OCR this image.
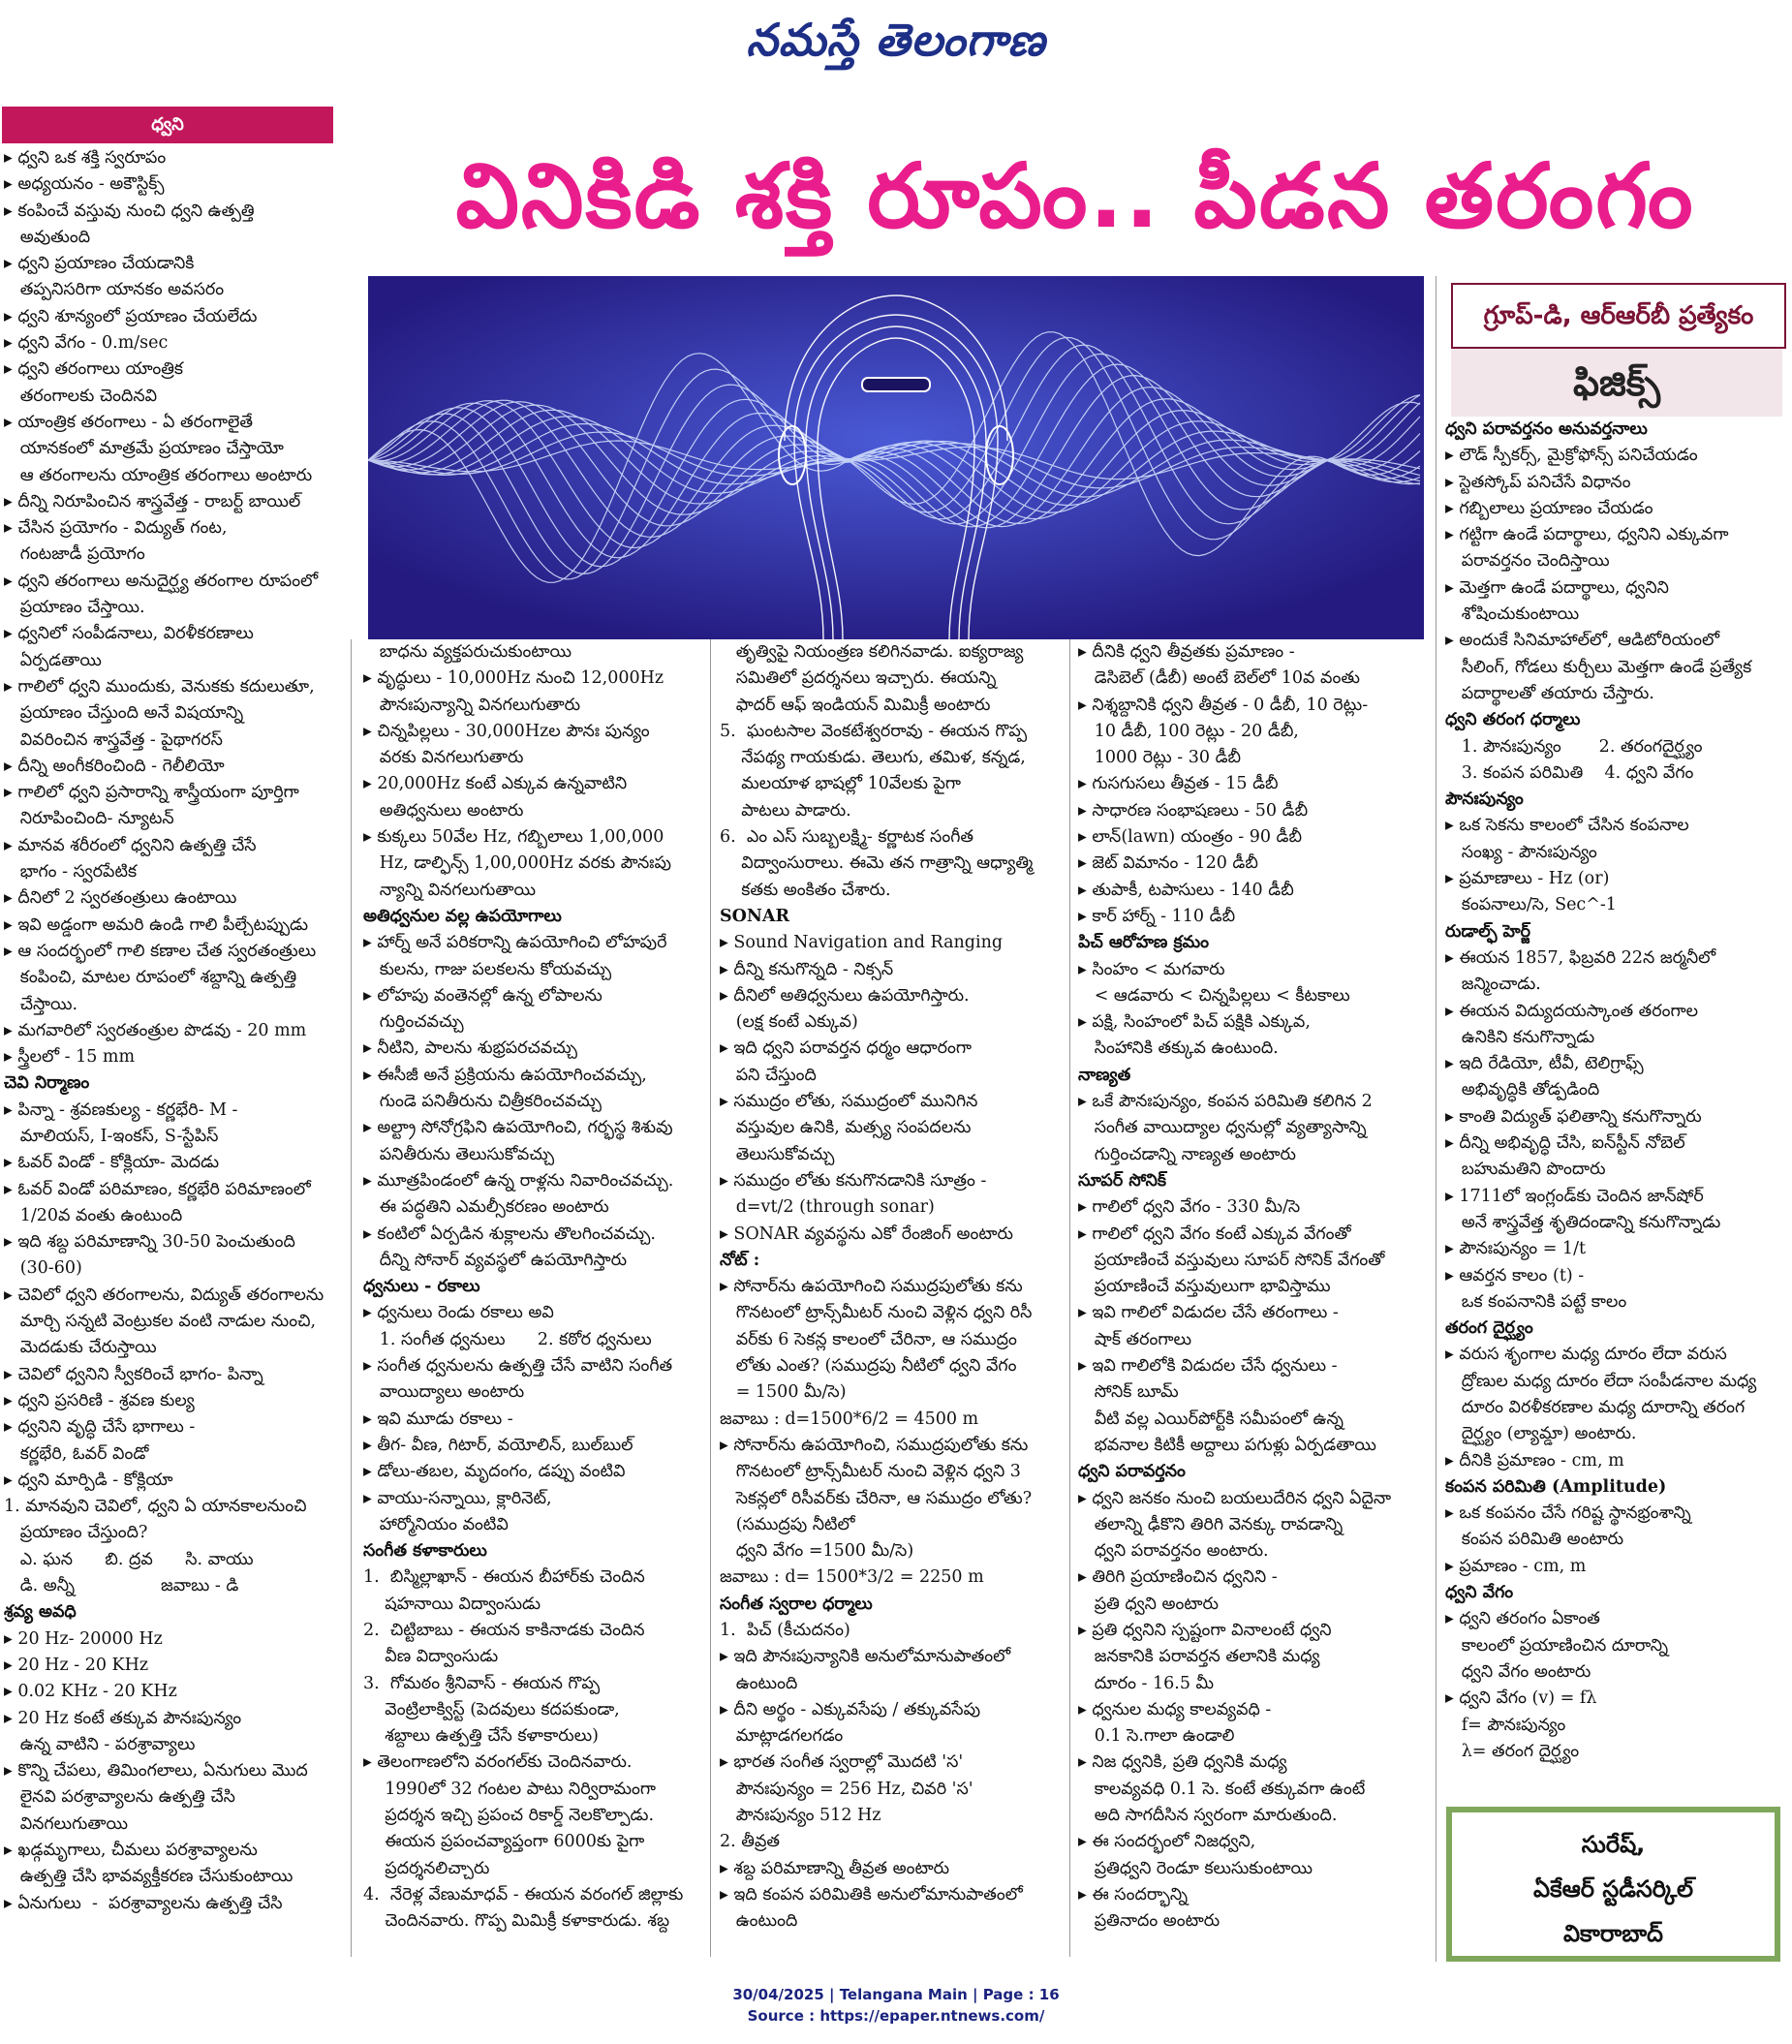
నమస్తే తెలంగాణ
ధ్వని
వినికిడి శక్తి రూపం.. పీడన తరంగం
గ్రూప్-డి, ఆర్ఆర్‌బీ ప్రత్యేకం
ఫిజిక్స్
▸ ధ్వని ఒక శక్తి స్వరూపం
▸ అధ్యయనం - అకౌస్టిక్స్
▸ కంపించే వస్తువు నుంచి ధ్వని ఉత్పత్తి
అవుతుంది
▸ ధ్వని ప్రయాణం చేయడానికి
తప్పనిసరిగా యానకం అవసరం
▸ ధ్వని శూన్యంలో ప్రయాణం చేయలేదు
▸ ధ్వని వేగం - 0.m/sec
▸ ధ్వని తరంగాలు యాంత్రిక
తరంగాలకు చెందినవి
▸ యాంత్రిక తరంగాలు - ఏ తరంగాలైతే
యానకంలో మాత్రమే ప్రయాణం చేస్తాయో
ఆ తరంగాలను యాంత్రిక తరంగాలు అంటారు
▸ దీన్ని నిరూపించిన శాస్త్రవేత్త - రాబర్ట్ బాయిల్
▸ చేసిన ప్రయోగం - విద్యుత్ గంట,
గంటజాడీ ప్రయోగం
▸ ధ్వని తరంగాలు అనుదైర్ఘ్య తరంగాల రూపంలో
ప్రయాణం చేస్తాయి.
▸ ధ్వనిలో సంపీడనాలు, విరళీకరణాలు
ఏర్పడతాయి
▸ గాలిలో ధ్వని ముందుకు, వెనుకకు కదులుతూ,
ప్రయాణం చేస్తుంది అనే విషయాన్ని
వివరించిన శాస్త్రవేత్త - పైథాగరస్
▸ దీన్ని అంగీకరించింది - గెలీలియో
▸ గాలిలో ధ్వని ప్రసారాన్ని శాస్త్రీయంగా పూర్తిగా
నిరూపించింది- న్యూటన్
▸ మానవ శరీరంలో ధ్వనిని ఉత్పత్తి చేసే
భాగం - స్వరపేటిక
▸ దీనిలో 2 స్వరతంత్రులు ఉంటాయి
▸ ఇవి అడ్డంగా అమరి ఉండి గాలి పీల్చేటప్పుడు
▸ ఆ సందర్భంలో గాలి కణాల చేత స్వరతంత్రులు
కంపించి, మాటల రూపంలో శబ్దాన్ని ఉత్పత్తి
చేస్తాయి.
▸ మగవారిలో స్వరతంత్రుల పొడవు - 20 mm
▸ స్త్రీలలో - 15 mm
చెవి నిర్మాణం
▸ పిన్నా - శ్రవణకుల్య - కర్ణభేరి- M -
మాలియస్, I-ఇంకస్, S-స్టేపిస్
▸ ఓవర్ విండో - కోక్లియా- మెదడు
▸ ఓవర్ విండో పరిమాణం, కర్ణభేరి పరిమాణంలో
1/20వ వంతు ఉంటుంది
▸ ఇది శబ్ద పరిమాణాన్ని 30-50 పెంచుతుంది
(30-60)
▸ చెవిలో ధ్వని తరంగాలను, విద్యుత్ తరంగాలను
మార్చి సన్నటి వెంట్రుకల వంటి నాడుల నుంచి,
మెదడుకు చేరుస్తాయి
▸ చెవిలో ధ్వనిని స్వీకరించే భాగం- పిన్నా
▸ ధ్వని ప్రసరిణి - శ్రవణ కుల్య
▸ ధ్వనిని వృద్ధి చేసే భాగాలు -
కర్ణభేరి, ఓవర్ విండో
▸ ధ్వని మార్పిడి - కోక్లియా
1. మానవుని చెవిలో, ధ్వని ఏ యానకాలనుంచి
ప్రయాణం చేస్తుంది?
ఎ. ఘన      బి. ద్రవ      సి. వాయు
డి. అన్నీ                జవాబు - డి
శ్రవ్య అవధి
▸ 20 Hz- 20000 Hz
▸ 20 Hz - 20 KHz
▸ 0.02 KHz - 20 KHz
▸ 20 Hz కంటే తక్కువ పౌనఃపున్యం
ఉన్న వాటిని - పరశ్రావ్యాలు
▸ కొన్ని చేపలు, తిమింగలాలు, ఏనుగులు మొద
లైనవి పరశ్రావ్యాలను ఉత్పత్తి చేసి
వినగలుగుతాయి
▸ ఖడ్గమృగాలు, చీమలు పరశ్రావ్యాలను
ఉత్పత్తి చేసి భావవ్యక్తీకరణ చేసుకుంటాయి
▸ ఏనుగులు  -  పరశ్రావ్యాలను ఉత్పత్తి చేసి
బాధను వ్యక్తపరుచుకుంటాయి
▸ వృద్ధులు - 10,000Hz నుంచి 12,000Hz
పౌనఃపున్యాన్ని వినగలుగుతారు
▸ చిన్నపిల్లలు - 30,000Hzల పౌనః పున్యం
వరకు వినగలుగుతారు
▸ 20,000Hz కంటే ఎక్కువ ఉన్నవాటిని
అతిధ్వనులు అంటారు
▸ కుక్కలు 50వేల Hz, గబ్బిలాలు 1,00,000
Hz, డాల్ఫిన్స్ 1,00,000Hz వరకు పౌనఃపు
న్యాన్ని వినగలుగుతాయి
అతిధ్వనుల వల్ల ఉపయోగాలు
▸ హార్న్ అనే పరికరాన్ని ఉపయోగించి లోహపురే
కులను, గాజు పలకలను కోయవచ్చు
▸ లోహపు వంతెనల్లో ఉన్న లోపాలను
గుర్తించవచ్చు
▸ నీటిని, పాలను శుభ్రపరచవచ్చు
▸ ఈసీజీ అనే ప్రక్రియను ఉపయోగించవచ్చు,
గుండె పనితీరును చిత్రీకరించవచ్చు
▸ అల్ట్రా సోనోగ్రఫిని ఉపయోగించి, గర్భస్థ శిశువు
పనితీరును తెలుసుకోవచ్చు
▸ మూత్రపిండంలో ఉన్న రాళ్లను నివారించవచ్చు.
ఈ పద్ధతిని ఎమల్సీకరణం అంటారు
▸ కంటిలో ఏర్పడిన శుక్లాలను తొలగించవచ్చు.
దీన్ని సోనార్ వ్యవస్థలో ఉపయోగిస్తారు
ధ్వనులు - రకాలు
▸ ధ్వనులు రెండు రకాలు అవి
1. సంగీత ధ్వనులు      2. కఠోర ధ్వనులు
▸ సంగీత ధ్వనులను ఉత్పత్తి చేసే వాటిని సంగీత
వాయిద్యాలు అంటారు
▸ ఇవి మూడు రకాలు -
▸ తీగ- వీణ, గిటార్, వయోలిన్, బుల్‌బుల్
▸ డోలు-తబల, మృదంగం, డప్పు వంటివి
▸ వాయు-సన్నాయి, క్లారినెట్,
హార్మోనియం వంటివి
సంగీత కళాకారులు
1.  బిస్మిల్లాఖాన్ - ఈయన బీహార్‌కు చెందిన
షహనాయి విద్వాంసుడు
2.  చిట్టిబాబు - ఈయన కాకినాడకు చెందిన
వీణ విద్వాంసుడు
3.  గోమఠం శ్రీనివాస్ - ఈయన గొప్ప
వెంట్రిలాక్విస్ట్ (పెదవులు కదపకుండా,
శబ్దాలు ఉత్పత్తి చేసే కళాకారులు)
▸ తెలంగాణలోని వరంగల్‌కు చెందినవారు.
1990లో 32 గంటల పాటు నిర్విరామంగా
ప్రదర్శన ఇచ్చి ప్రపంచ రికార్డ్ నెలకొల్పాడు.
ఈయన ప్రపంచవ్యాప్తంగా 6000కు పైగా
ప్రదర్శనలిచ్చారు
4.  నేరెళ్ల వేణుమాధవ్ - ఈయన వరంగల్ జిల్లాకు
చెందినవారు. గొప్ప మిమిక్రీ కళాకారుడు. శబ్ద
తృత్విపై నియంత్రణ కలిగినవాడు. ఐక్యరాజ్య
సమితిలో ప్రదర్శనలు ఇచ్చారు. ఈయన్ని
ఫాదర్ ఆఫ్ ఇండియన్ మిమిక్రీ అంటారు
5.  ఘంటసాల వెంకటేశ్వరరావు - ఈయన గొప్ప
నేపథ్య గాయకుడు. తెలుగు, తమిళ, కన్నడ,
మలయాళ భాషల్లో 10వేలకు పైగా
పాటలు పాడారు.
6.  ఎం ఎస్ సుబ్బలక్ష్మి- కర్ణాటక సంగీత
విద్వాంసురాలు. ఈమె తన గాత్రాన్ని ఆధ్యాత్మి
కతకు అంకితం చేశారు.
SONAR
▸ Sound Navigation and Ranging
▸ దీన్ని కనుగొన్నది - నిక్సన్
▸ దీనిలో అతిధ్వనులు ఉపయోగిస్తారు.
(లక్ష కంటే ఎక్కువ)
▸ ఇది ధ్వని పరావర్తన ధర్మం ఆధారంగా
పని చేస్తుంది
▸ సముద్రం లోతు, సముద్రంలో మునిగిన
వస్తువుల ఉనికి, మత్స్య సంపదలను
తెలుసుకోవచ్చు
▸ సముద్రం లోతు కనుగొనడానికి సూత్రం -
d=vt/2 (through sonar)
▸ SONAR వ్యవస్థను ఎకో రేంజింగ్ అంటారు
నోట్ :
▸ సోనార్‌ను ఉపయోగించి సముద్రపులోతు కను
గొనటంలో ట్రాన్స్‌మీటర్ నుంచి వెళ్లిన ధ్వని రిసీ
వర్‌కు 6 సెకన్ల కాలంలో చేరినా, ఆ సముద్రం
లోతు ఎంత? (సముద్రపు నీటిలో ధ్వని వేగం
= 1500 మీ/సె)
జవాబు : d=1500*6/2 = 4500 m
▸ సోనార్‌ను ఉపయోగించి, సముద్రపులోతు కను
గొనటంలో ట్రాన్స్‌మీటర్ నుంచి వెళ్లిన ధ్వని 3
సెకన్లలో రిసీవర్‌కు చేరినా, ఆ సముద్రం లోతు?
(సముద్రపు నీటిలో
ధ్వని వేగం =1500 మీ/సె)
జవాబు : d= 1500*3/2 = 2250 m
సంగీత స్వరాల ధర్మాలు
1.  పిచ్ (కీచుదనం)
▸ ఇది పౌనఃపున్యానికి అనులోమానుపాతంలో
ఉంటుంది
▸ దీని అర్థం - ఎక్కువసేపు / తక్కువసేపు
మాట్లాడగలగడం
▸ భారత సంగీత స్వరాల్లో మొదటి 'స'
పౌనఃపున్యం = 256 Hz, చివరి 'స'
పౌనఃపున్యం 512 Hz
2. తీవ్రత
▸ శబ్ద పరిమాణాన్ని తీవ్రత అంటారు
▸ ఇది కంపన పరిమితికి అనులోమానుపాతంలో
ఉంటుంది
▸ దీనికి ధ్వని తీవ్రతకు ప్రమాణం -
డెసిబెల్ (డీబీ) అంటే బెల్‌లో 10వ వంతు
▸ నిశ్శబ్దానికి ధ్వని తీవ్రత - 0 డీబీ, 10 రెట్లు-
10 డీబీ, 100 రెట్లు - 20 డీబీ,
1000 రెట్లు - 30 డీబీ
▸ గుసగుసలు తీవ్రత - 15 డీబీ
▸ సాధారణ సంభాషణలు - 50 డీబీ
▸ లాన్(lawn) యంత్రం - 90 డీబీ
▸ జెట్ విమానం - 120 డీబీ
▸ తుపాకీ, టపాసులు - 140 డీబీ
▸ కార్ హార్న్ - 110 డీబీ
పిచ్ ఆరోహణ క్రమం
▸ సింహం < మగవారు
< ఆడవారు < చిన్నపిల్లలు < కీటకాలు
▸ పక్షి, సింహంలో పిచ్ పక్షికి ఎక్కువ,
సింహానికి తక్కువ ఉంటుంది.
నాణ్యత
▸ ఒకే పౌనఃపున్యం, కంపన పరిమితి కలిగిన 2
సంగీత వాయిద్యాల ధ్వనుల్లో వ్యత్యాసాన్ని
గుర్తించడాన్ని నాణ్యత అంటారు
సూపర్ సోనిక్
▸ గాలిలో ధ్వని వేగం - 330 మీ/సె
▸ గాలిలో ధ్వని వేగం కంటే ఎక్కువ వేగంతో
ప్రయాణించే వస్తువులు సూపర్ సోనిక్ వేగంతో
ప్రయాణించే వస్తువులుగా భావిస్తాము
▸ ఇవి గాలిలో విడుదల చేసే తరంగాలు -
షాక్ తరంగాలు
▸ ఇవి గాలిలోకి విడుదల చేసే ధ్వనులు -
సోనిక్ బూమ్
వీటి వల్ల ఎయిర్‌పోర్ట్‌కి సమీపంలో ఉన్న
భవనాల కిటికీ అద్దాలు పగుళ్లు ఏర్పడతాయి
ధ్వని పరావర్తనం
▸ ధ్వని జనకం నుంచి బయలుదేరిన ధ్వని ఏదైనా
తలాన్ని ఢీకొని తిరిగి వెనక్కు రావడాన్ని
ధ్వని పరావర్తనం అంటారు.
▸ తిరిగి ప్రయాణించిన ధ్వనిని -
ప్రతి ధ్వని అంటారు
▸ ప్రతి ధ్వనిని స్పష్టంగా వినాలంటే ధ్వని
జనకానికి పరావర్తన తలానికి మధ్య
దూరం - 16.5 మీ
▸ ధ్వనుల మధ్య కాలవ్యవధి -
0.1 సె.గాలా ఉండాలి
▸ నిజ ధ్వనికి, ప్రతి ధ్వనికి మధ్య
కాలవ్యవధి 0.1 సె. కంటే తక్కువగా ఉంటే
అది సాగదీసిన స్వరంగా మారుతుంది.
▸ ఈ సందర్భంలో నిజధ్వని,
ప్రతిధ్వని రెండూ కలుసుకుంటాయి
▸ ఈ సందర్భాన్ని
ప్రతినాదం అంటారు
ధ్వని పరావర్తనం అనువర్తనాలు
▸ లౌడ్ స్పీకర్స్, మైక్రోఫోన్స్ పనిచేయడం
▸ స్టెతస్కోప్ పనిచేసే విధానం
▸ గబ్బిలాలు ప్రయాణం చేయడం
▸ గట్టిగా ఉండే పదార్థాలు, ధ్వనిని ఎక్కువగా
పరావర్తనం చెందిస్తాయి
▸ మెత్తగా ఉండే పదార్థాలు, ధ్వనిని
శోషించుకుంటాయి
▸ అందుకే సినిమాహాల్‌లో, ఆడిటోరియంలో
సీలింగ్, గోడలు కుర్చీలు మెత్తగా ఉండే ప్రత్యేక
పదార్థాలతో తయారు చేస్తారు.
ధ్వని తరంగ ధర్మాలు
1. పౌనఃపున్యం       2. తరంగదైర్ఘ్యం
3. కంపన పరిమితి    4. ధ్వని వేగం
పౌనఃపున్యం
▸ ఒక సెకను కాలంలో చేసిన కంపనాల
సంఖ్య - పౌనఃపున్యం
▸ ప్రమాణాలు - Hz (or)
కంపనాలు/సె, Sec^-1
రుడాల్ఫ్ హెర్జ్
▸ ఈయన 1857, ఫిబ్రవరి 22న జర్మనీలో
జన్మించాడు.
▸ ఈయన విద్యుదయస్కాంత తరంగాల
ఉనికిని కనుగొన్నాడు
▸ ఇది రేడియో, టీవీ, టెలిగ్రాఫ్స్
అభివృద్ధికి తోడ్పడింది
▸ కాంతి విద్యుత్ ఫలితాన్ని కనుగొన్నారు
▸ దీన్ని అభివృద్ధి చేసి, ఐన్‌స్టీన్ నోబెల్
బహుమతిని పొందారు
▸ 1711లో ఇంగ్లండ్‌కు చెందిన జాన్‌షోర్
అనే శాస్త్రవేత్త శృతిదండాన్ని కనుగొన్నాడు
▸ పౌనఃపున్యం = 1/t
▸ ఆవర్తన కాలం (t) -
ఒక కంపనానికి పట్టే కాలం
తరంగ దైర్ఘ్యం
▸ వరుస శృంగాల మధ్య దూరం లేదా వరుస
ద్రోణుల మధ్య దూరం లేదా సంపీడనాల మధ్య
దూరం విరళీకరణాల మధ్య దూరాన్ని తరంగ
దైర్ఘ్యం (ల్యామ్డా) అంటారు.
▸ దీనికి ప్రమాణం - cm, m
కంపన పరిమితి (Amplitude)
▸ ఒక కంపనం చేసే గరిష్ట స్థానభ్రంశాన్ని
కంపన పరిమితి అంటారు
▸ ప్రమాణం - cm, m
ధ్వని వేగం
▸ ధ్వని తరంగం ఏకాంత
కాలంలో ప్రయాణించిన దూరాన్ని
ధ్వని వేగం అంటారు
▸ ధ్వని వేగం (v) = fλ
f= పౌనఃపున్యం
λ= తరంగ దైర్ఘ్యం
సురేష్,
ఏకేఆర్ స్టడీసర్కిల్
వికారాబాద్
30/04/2025 | Telangana Main | Page : 16
Source : https://epaper.ntnews.com/
